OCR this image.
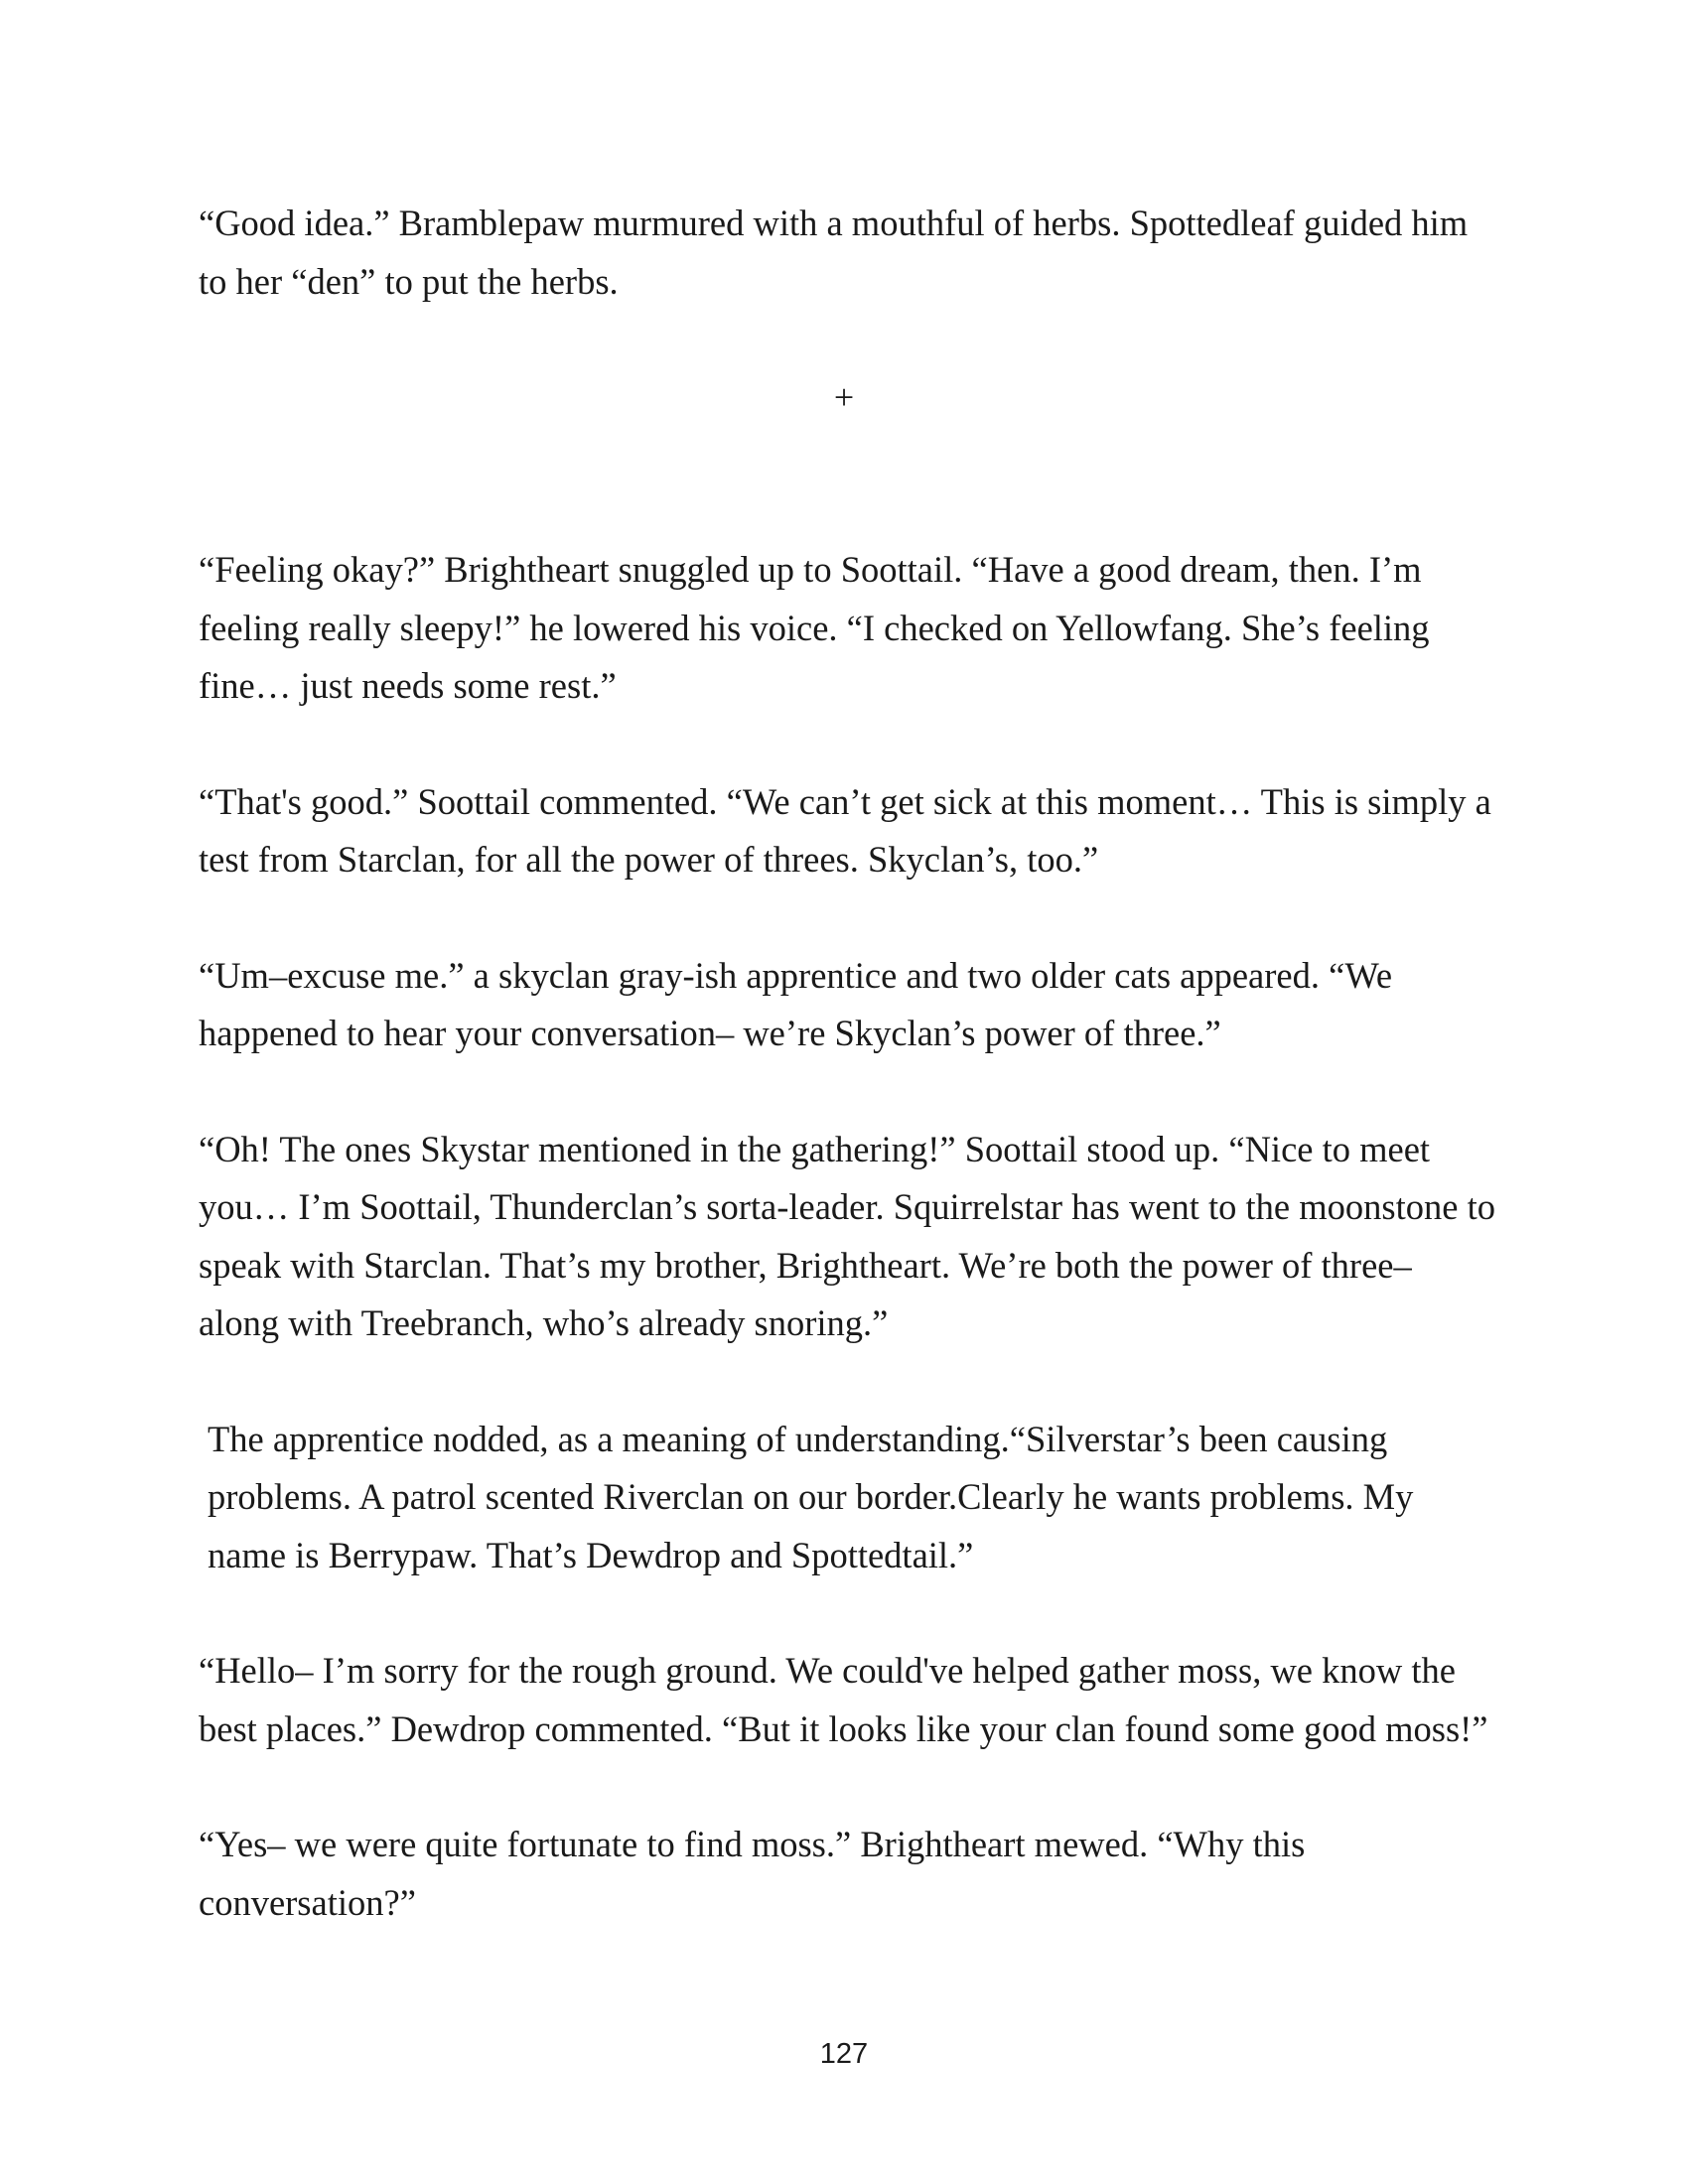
“Good idea.” Bramblepaw murmured with a mouthful of herbs. Spottedleaf guided him to her “den” to put the herbs.

+

“Feeling okay?” Brightheart snuggled up to Soottail. “Have a good dream, then. I’m feeling really sleepy!” he lowered his voice. “I checked on Yellowfang. She’s feeling fine… just needs some rest.”

“That's good.” Soottail commented. “We can’t get sick at this moment… This is simply a test from Starclan, for all the power of threes. Skyclan’s, too.”

“Um–excuse me.” a skyclan gray-ish apprentice and two older cats appeared. “We happened to hear your conversation– we’re Skyclan’s power of three.”

“Oh! The ones Skystar mentioned in the gathering!” Soottail stood up. “Nice to meet you… I’m Soottail, Thunderclan’s sorta-leader. Squirrelstar has went to the moonstone to speak with Starclan. That’s my brother, Brightheart. We’re both the power of three– along with Treebranch, who’s already snoring.”

The apprentice nodded, as a meaning of understanding.“Silverstar’s been causing problems. A patrol scented Riverclan on our border.Clearly he wants problems. My name is Berrypaw. That’s Dewdrop and Spottedtail.”

“Hello– I’m sorry for the rough ground. We could've helped gather moss, we know the best places.” Dewdrop commented. “But it looks like your clan found some good moss!”

“Yes– we were quite fortunate to find moss.” Brightheart mewed. “Why this conversation?”

127
